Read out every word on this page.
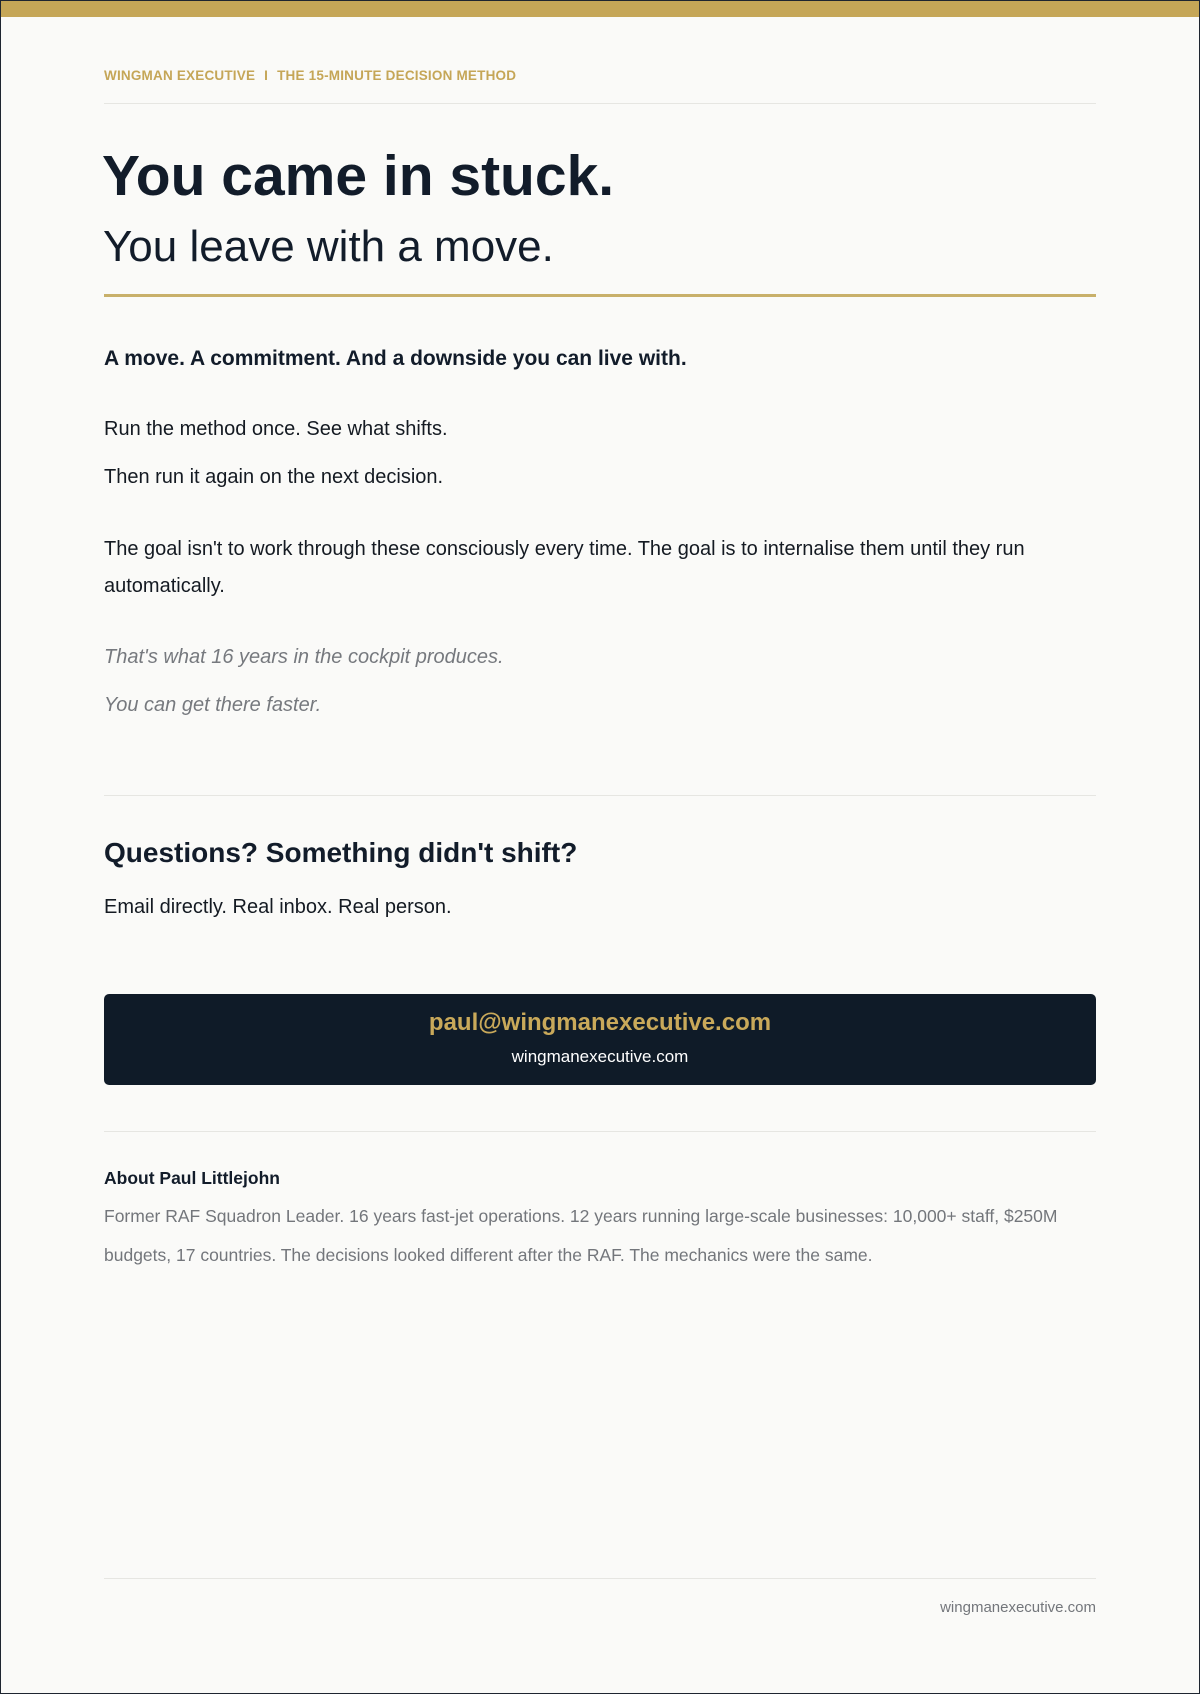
WINGMAN EXECUTIVE I THE 15-MINUTE DECISION METHOD
You came in stuck.
You leave with a move.

A move. A commitment. And a downside you can live with.

Run the method once. See what shifts.

Then run it again on the next decision.

The goal isn't to work through these consciously every time. The goal is to internalise them until they run automatically.

That's what 16 years in the cockpit produces.

You can get there faster.

Questions? Something didn't shift?

Email directly. Real inbox. Real person.

paul@wingmanexecutive.com
wingmanexecutive.com
About Paul Littlejohn

Former RAF Squadron Leader. 16 years fast-jet operations. 12 years running large-scale businesses: 10,000+ staff, $250M budgets, 17 countries. The decisions looked different after the RAF. The mechanics were the same.

wingmanexecutive.com
